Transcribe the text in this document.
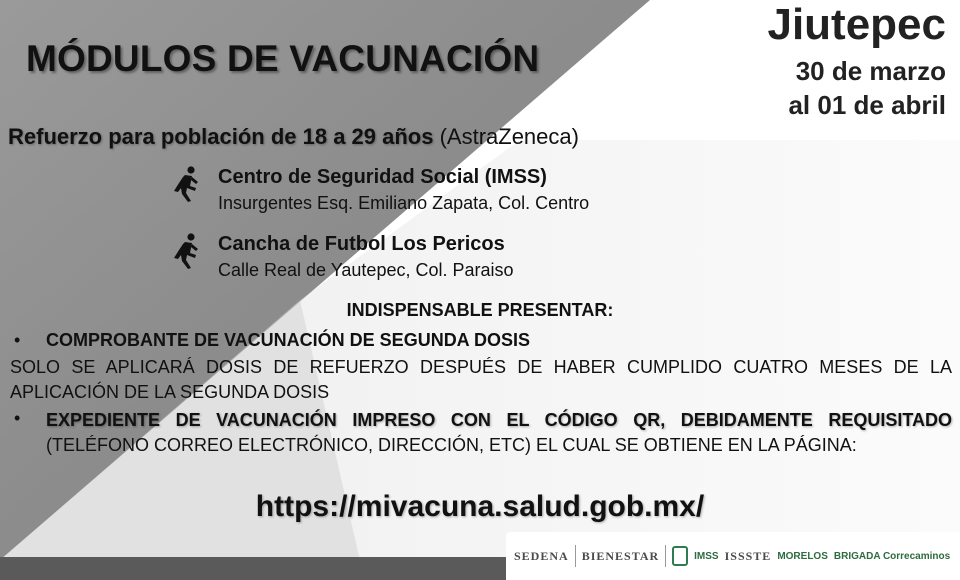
MÓDULOS DE VACUNACIÓN
Jiutepec
30 de marzo
al 01 de abril
Refuerzo para población de 18 a 29 años (AstraZeneca)
Centro de Seguridad Social (IMSS)
Insurgentes Esq. Emiliano Zapata, Col. Centro
Cancha de Futbol Los Pericos
Calle Real de Yautepec, Col. Paraiso
INDISPENSABLE PRESENTAR:
• COMPROBANTE DE VACUNACIÓN DE SEGUNDA DOSIS
SOLO SE APLICARÁ DOSIS DE REFUERZO DESPUÉS DE HABER CUMPLIDO CUATRO MESES DE LA APLICACIÓN DE LA SEGUNDA DOSIS
• EXPEDIENTE DE VACUNACIÓN IMPRESO CON EL CÓDIGO QR, DEBIDAMENTE REQUISITADO (TELÉFONO CORREO ELECTRÓNICO, DIRECCIÓN, ETC) EL CUAL SE OBTIENE EN LA PÁGINA:
https://mivacuna.salud.gob.mx/
SEDENA BIENESTAR	IMSS ISSSTE MORELOS BRIGADA Correcaminos
